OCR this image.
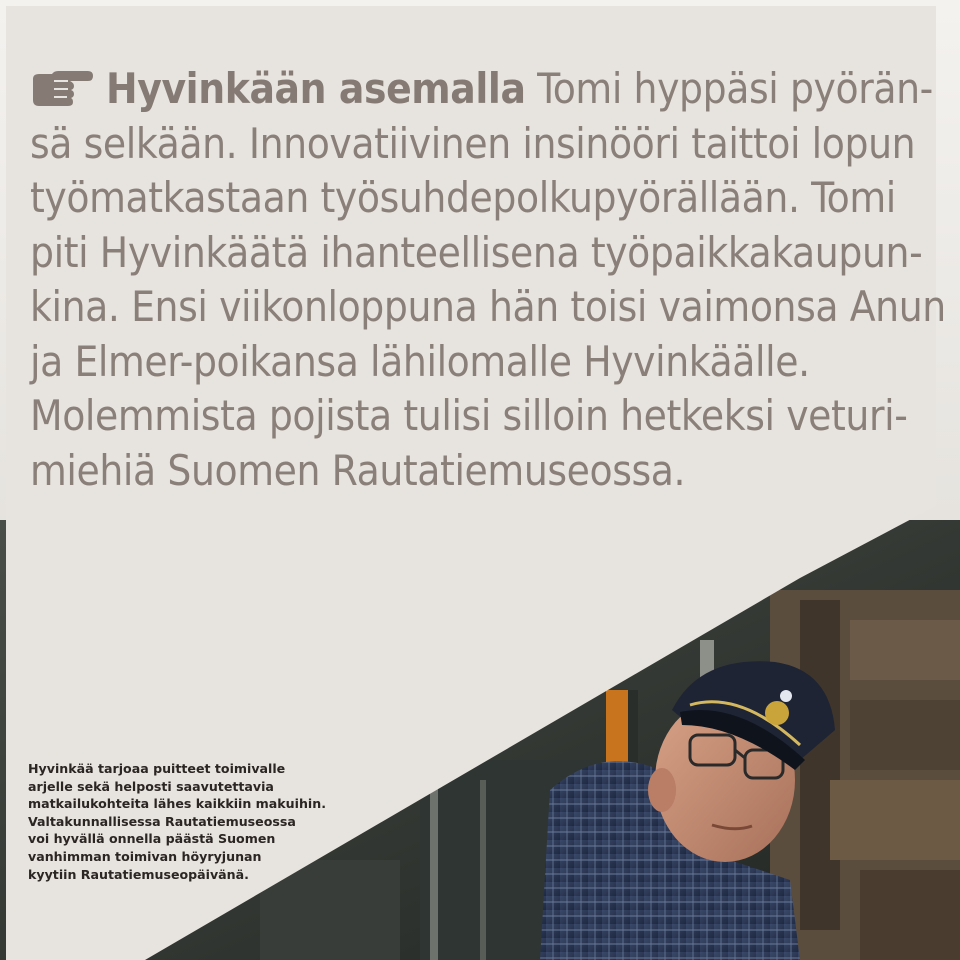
Hyvinkään asemalla Tomi hyppäsi pyörän-
sä selkään. Innovatiivinen insinööri taittoi lopun
työmatkastaan työsuhdepolkupyörällään. Tomi
piti Hyvinkäätä ihanteellisena työpaikkakaupun-
kina. Ensi viikonloppuna hän toisi vaimonsa Anun
ja Elmer-poikansa lähilomalle Hyvinkäälle.
Molemmista pojista tulisi silloin hetkeksi veturi-
miehiä Suomen Rautatiemuseossa.
Hyvinkää tarjoaa puitteet toimivalle
arjelle sekä helposti saavutettavia
matkailukohteita lähes kaikkiin makuihin.
Valtakunnallisessa Rautatiemuseossa
voi hyvällä onnella päästä Suomen
vanhimman toimivan höyryjunan
kyytiin Rautatiemuseopäivänä.
